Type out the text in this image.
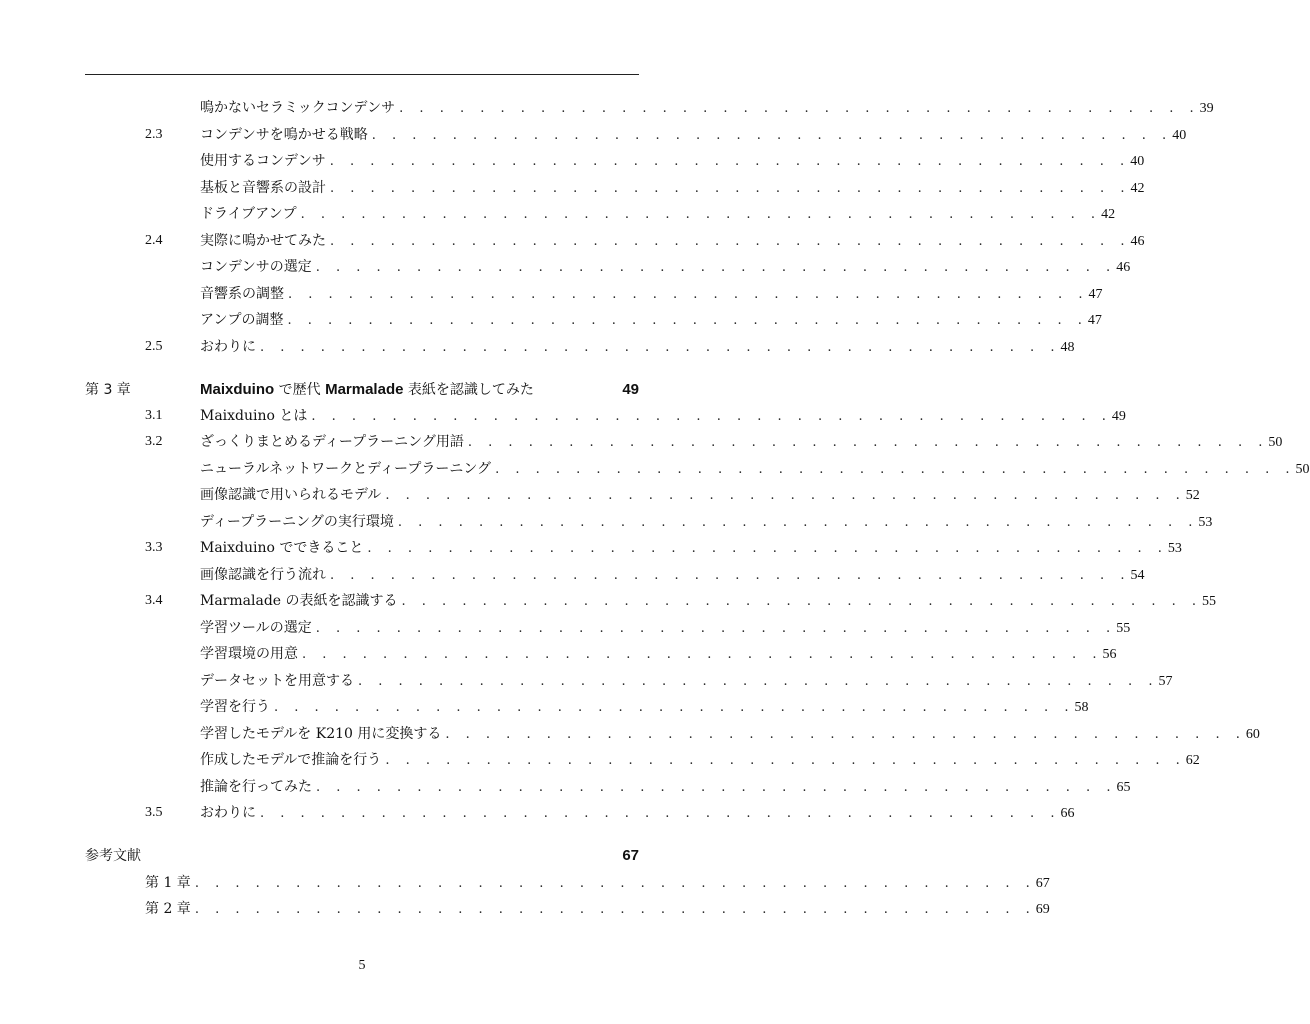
鳴かないセラミックコンデンサ . . . . . . . . . . . . . . . . . . . . . . . . . . . . . . . . . . . . . . . . 39
2.3	コンデンサを鳴かせる戦略 . . . . . . . . . . . . . . . . . . . . . . . . . . . . . . . . . . . . . . . . 40
使用するコンデンサ . . . . . . . . . . . . . . . . . . . . . . . . . . . . . . . . . . . . . . . . 40
基板と音響系の設計 . . . . . . . . . . . . . . . . . . . . . . . . . . . . . . . . . . . . . . . . 42
ドライブアンプ . . . . . . . . . . . . . . . . . . . . . . . . . . . . . . . . . . . . . . . . 42
2.4	実際に鳴かせてみた . . . . . . . . . . . . . . . . . . . . . . . . . . . . . . . . . . . . . . . . 46
コンデンサの選定 . . . . . . . . . . . . . . . . . . . . . . . . . . . . . . . . . . . . . . . . 46
音響系の調整 . . . . . . . . . . . . . . . . . . . . . . . . . . . . . . . . . . . . . . . . 47
アンプの調整 . . . . . . . . . . . . . . . . . . . . . . . . . . . . . . . . . . . . . . . . 47
2.5	おわりに . . . . . . . . . . . . . . . . . . . . . . . . . . . . . . . . . . . . . . . . 48
第 3 章	Maixduino で歴代 Marmalade 表紙を認識してみた	49
3.1	Maixduino とは . . . . . . . . . . . . . . . . . . . . . . . . . . . . . . . . . . . . . . . . 49
3.2	ざっくりまとめるディープラーニング用語 . . . . . . . . . . . . . . . . . . . . . . . . . . . . . . . . . . . . . . . . 50
ニューラルネットワークとディープラーニング . . . . . . . . . . . . . . . . . . . . . . . . . . . . . . . . . . . . . . . . 50
画像認識で用いられるモデル . . . . . . . . . . . . . . . . . . . . . . . . . . . . . . . . . . . . . . . . 52
ディープラーニングの実行環境 . . . . . . . . . . . . . . . . . . . . . . . . . . . . . . . . . . . . . . . . 53
3.3	Maixduino でできること . . . . . . . . . . . . . . . . . . . . . . . . . . . . . . . . . . . . . . . . 53
画像認識を行う流れ . . . . . . . . . . . . . . . . . . . . . . . . . . . . . . . . . . . . . . . . 54
3.4	Marmalade の表紙を認識する . . . . . . . . . . . . . . . . . . . . . . . . . . . . . . . . . . . . . . . . 55
学習ツールの選定 . . . . . . . . . . . . . . . . . . . . . . . . . . . . . . . . . . . . . . . . 55
学習環境の用意 . . . . . . . . . . . . . . . . . . . . . . . . . . . . . . . . . . . . . . . . 56
データセットを用意する . . . . . . . . . . . . . . . . . . . . . . . . . . . . . . . . . . . . . . . . 57
学習を行う . . . . . . . . . . . . . . . . . . . . . . . . . . . . . . . . . . . . . . . . 58
学習したモデルを K210 用に変換する . . . . . . . . . . . . . . . . . . . . . . . . . . . . . . . . . . . . . . . . 60
作成したモデルで推論を行う . . . . . . . . . . . . . . . . . . . . . . . . . . . . . . . . . . . . . . . . 62
推論を行ってみた . . . . . . . . . . . . . . . . . . . . . . . . . . . . . . . . . . . . . . . . 65
3.5	おわりに . . . . . . . . . . . . . . . . . . . . . . . . . . . . . . . . . . . . . . . . 66
参考文献	67
第 1 章 . . . . . . . . . . . . . . . . . . . . . . . . . . . . . . . . . . . . . . . . . . 67
第 2 章 . . . . . . . . . . . . . . . . . . . . . . . . . . . . . . . . . . . . . . . . . . 69
5
